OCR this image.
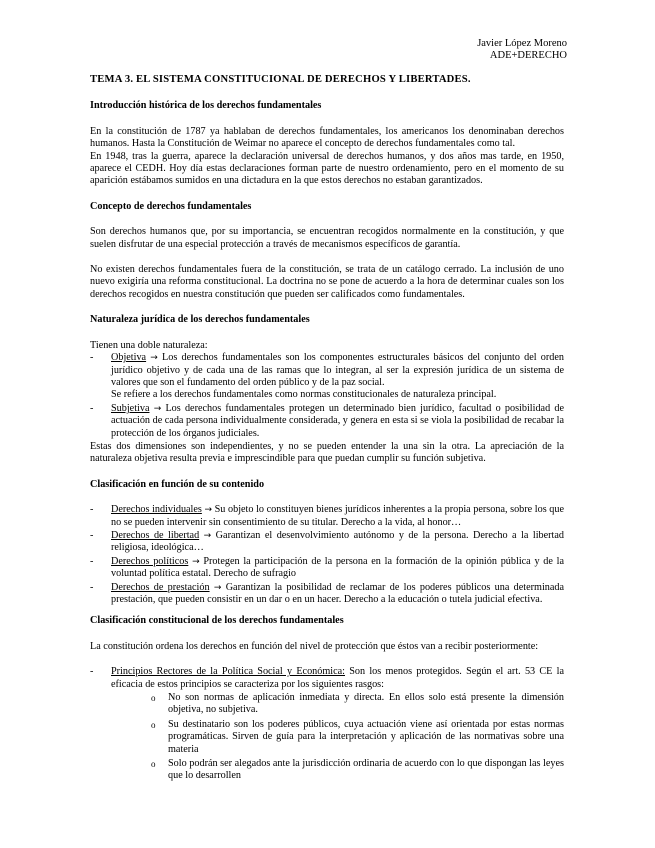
Javier López Moreno
ADE+DERECHO
TEMA 3. EL SISTEMA CONSTITUCIONAL DE DERECHOS Y LIBERTADES.
Introducción histórica de los derechos fundamentales

En la constitución de 1787 ya hablaban de derechos fundamentales, los americanos los denominaban derechos humanos. Hasta la Constitución de Weimar no aparece el concepto de derechos fundamentales como tal.

En 1948, tras la guerra, aparece la declaración universal de derechos humanos, y dos años mas tarde, en 1950, aparece el CEDH. Hoy día estas declaraciones forman parte de nuestro ordenamiento, pero en el momento de su aparición estábamos sumidos en una dictadura en la que estos derechos no estaban garantizados.

Concepto de derechos fundamentales

Son derechos humanos que, por su importancia, se encuentran recogidos normalmente en la constitución, y que suelen disfrutar de una especial protección a través de mecanismos específicos de garantía.

No existen derechos fundamentales fuera de la constitución, se trata de un catálogo cerrado. La inclusión de uno nuevo exigiría una reforma constitucional. La doctrina no se pone de acuerdo a la hora de determinar cuales son los derechos recogidos en nuestra constitución que pueden ser calificados como fundamentales.

Naturaleza jurídica de los derechos fundamentales

Tienen una doble naturaleza:

- Objetiva → Los derechos fundamentales son los componentes estructurales básicos del conjunto del orden jurídico objetivo y de cada una de las ramas que lo integran, al ser la expresión jurídica de un sistema de valores que son el fundamento del orden público y de la paz social.
Se refiere a los derechos fundamentales como normas constitucionales de naturaleza principal.
- Subjetiva → Los derechos fundamentales protegen un determinado bien jurídico, facultad o posibilidad de actuación de cada persona individualmente considerada, y genera en esta si se viola la posibilidad de recabar la protección de los órganos judiciales.

Estas dos dimensiones son independientes, y no se pueden entender la una sin la otra. La apreciación de la naturaleza objetiva resulta previa e imprescindible para que puedan cumplir su función subjetiva.

Clasificación en función de su contenido
- Derechos individuales → Su objeto lo constituyen bienes jurídicos inherentes a la propia persona, sobre los que no se pueden intervenir sin consentimiento de su titular. Derecho a la vida, al honor…
- Derechos de libertad → Garantizan el desenvolvimiento autónomo y de la persona. Derecho a la libertad religiosa, ideológica…
- Derechos políticos → Protegen la participación de la persona en la formación de la opinión pública y de la voluntad política estatal. Derecho de sufragio
- Derechos de prestación → Garantizan la posibilidad de reclamar de los poderes públicos una determinada prestación, que pueden consistir en un dar o en un hacer. Derecho a la educación o tutela judicial efectiva.
Clasificación constitucional de los derechos fundamentales

La constitución ordena los derechos en función del nivel de protección que éstos van a recibir posteriormente:

- Principios Rectores de la Política Social y Económica: Son los menos protegidos. Según el art. 53 CE la eficacia de estos principios se caracteriza por los siguientes rasgos:
o No son normas de aplicación inmediata y directa. En ellos solo está presente la dimensión objetiva, no subjetiva.
o Su destinatario son los poderes públicos, cuya actuación viene así orientada por estas normas programáticas. Sirven de guía para la interpretación y aplicación de las normativas sobre una materia
o Solo podrán ser alegados ante la jurisdicción ordinaria de acuerdo con lo que dispongan las leyes que lo desarrollen
